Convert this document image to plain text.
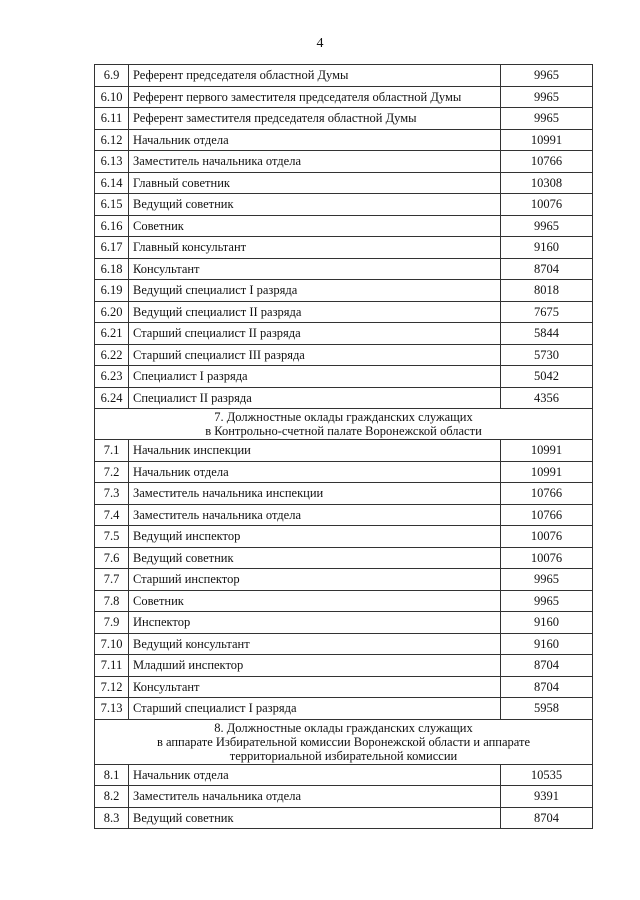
4
6.9	Референт председателя областной Думы	9965
6.10	Референт первого заместителя председателя областной Думы	9965
6.11	Референт заместителя председателя областной Думы	9965
6.12	Начальник отдела	10991
6.13	Заместитель начальника отдела	10766
6.14	Главный советник	10308
6.15	Ведущий советник	10076
6.16	Советник	9965
6.17	Главный консультант	9160
6.18	Консультант	8704
6.19	Ведущий специалист I разряда	8018
6.20	Ведущий специалист II разряда	7675
6.21	Старший специалист II разряда	5844
6.22	Старший специалист III разряда	5730
6.23	Специалист I разряда	5042
6.24	Специалист II разряда	4356

7. Должностные оклады гражданских служащих
в Контрольно-счетной палате Воронежской области		

7.1	Начальник инспекции	10991
7.2	Начальник отдела	10991
7.3	Заместитель начальника инспекции	10766
7.4	Заместитель начальника отдела	10766
7.5	Ведущий инспектор	10076
7.6	Ведущий советник	10076
7.7	Старший инспектор	9965
7.8	Советник	9965
7.9	Инспектор	9160
7.10	Ведущий консультант	9160
7.11	Младший инспектор	8704
7.12	Консультант	8704
7.13	Старший специалист I разряда	5958

8. Должностные оклады гражданских служащих
в аппарате Избирательной комиссии Воронежской области и аппарате
территориальной избирательной комиссии		

8.1	Начальник отдела	10535
8.2	Заместитель начальника отдела	9391
8.3	Ведущий советник	8704
